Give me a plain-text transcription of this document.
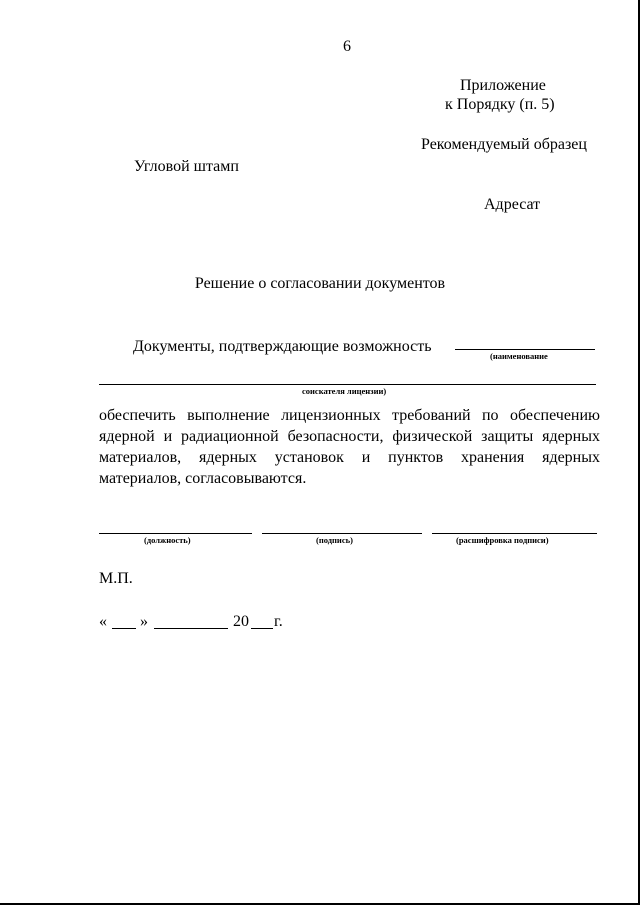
6
Приложение
к Порядку (п. 5)
Рекомендуемый образец
Угловой штамп
Адресат
Решение о согласовании документов
Документы, подтверждающие возможность
(наименование
соискателя лицензии)
обеспечить выполнение лицензионных требований по обеспечению ядерной и радиационной безопасности, физической защиты ядерных материалов, ядерных установок и пунктов хранения ядерных материалов, согласовываются.
(должность)	(подпись)	(расшифровка подписи)
М.П.
« »	20 г.
